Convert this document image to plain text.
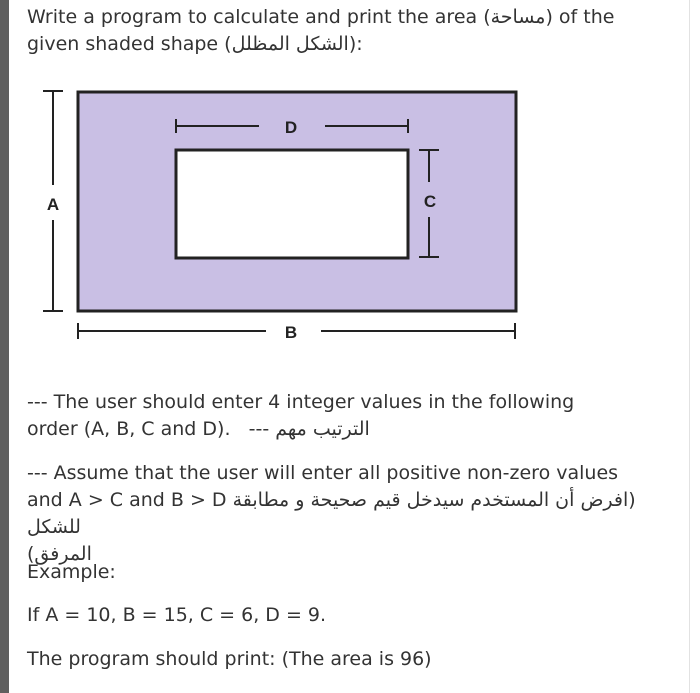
Write a program to calculate and print the area (مساحة) of the
given shaded shape (الشكل المظلل):
A
D
C
B
--- The user should enter 4 integer values in the following
order (A, B, C and D). --- الترتيب مهم
--- Assume that the user will enter all positive non-zero values
and A > C and B > D (افرض أن المستخدم سيدخل قيم صحيحة و مطابقة للشكل
المرفق)
Example:
If A = 10, B = 15, C = 6, D = 9.
The program should print: (The area is 96)
